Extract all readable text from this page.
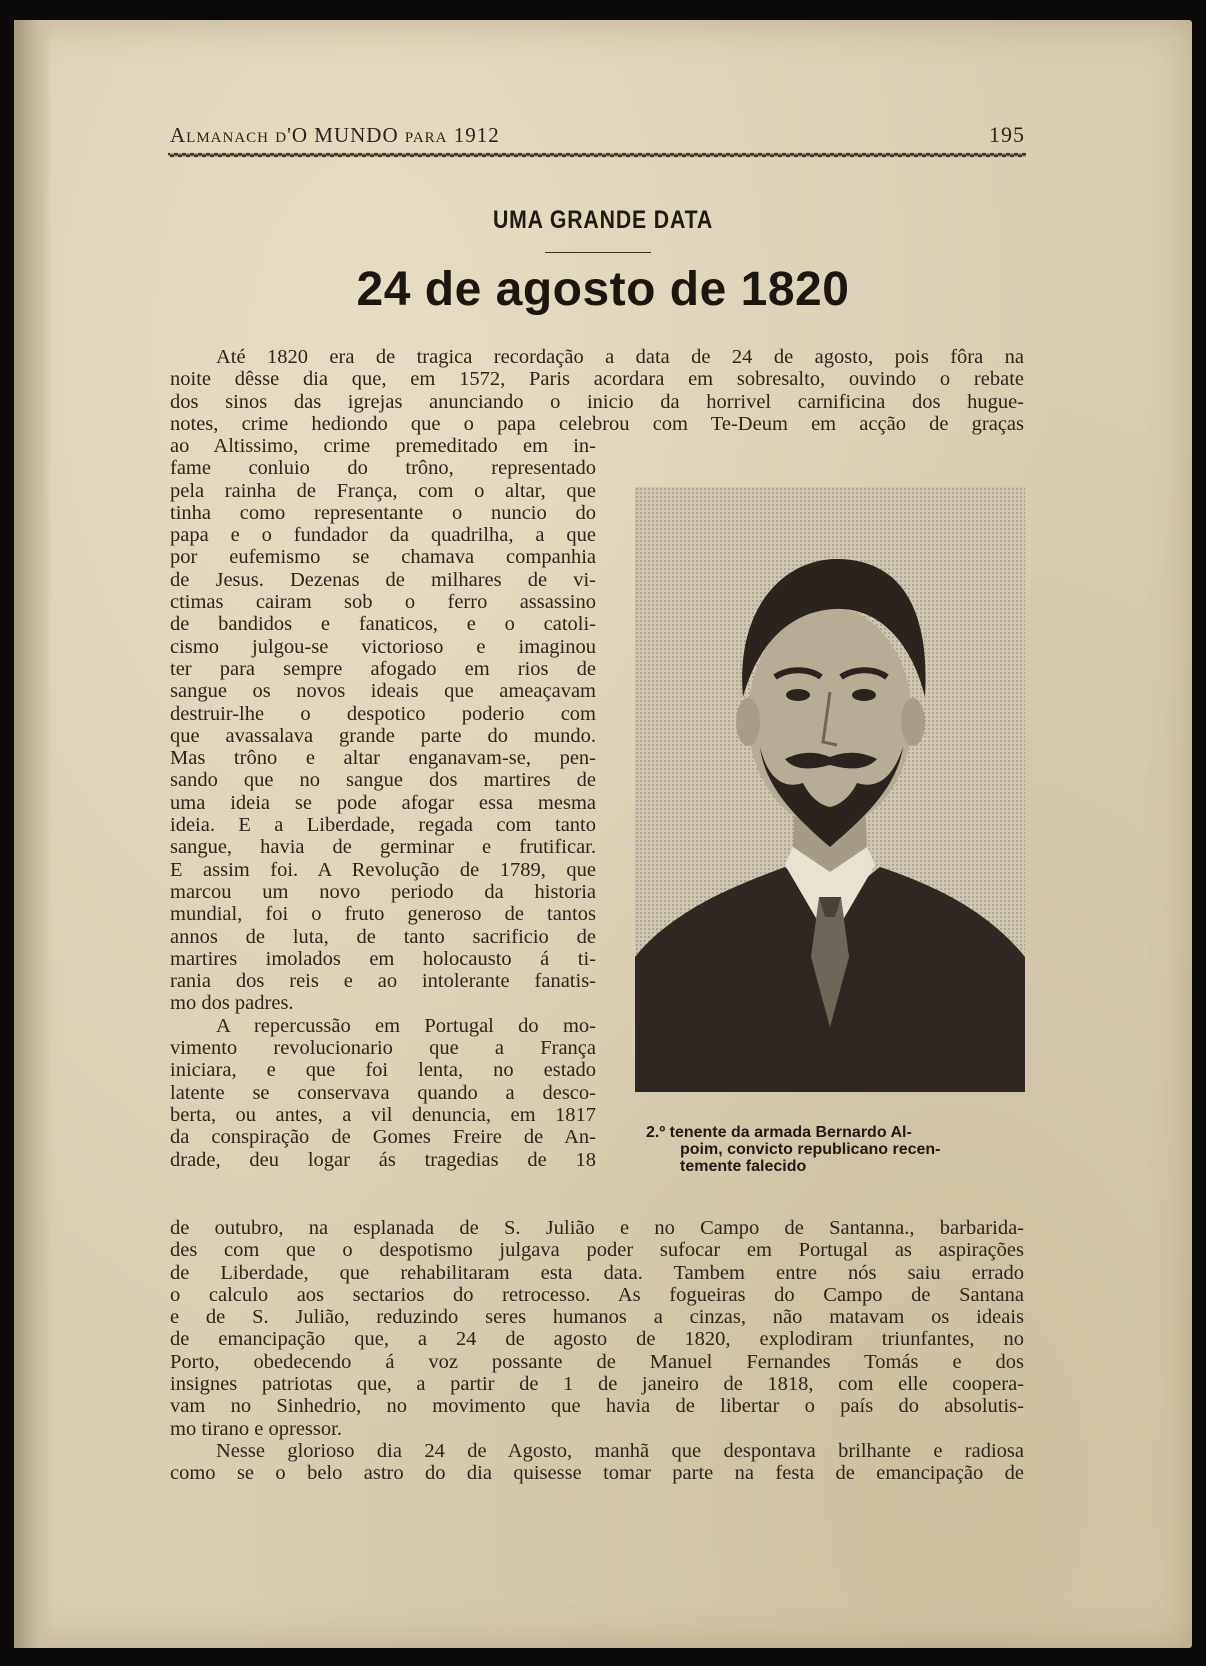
Almanach d'O MUNDO para 1912	195
UMA GRANDE DATA
24 de agosto de 1820
Até 1820 era de tragica recordação a data de 24 de agosto, pois fôra na
noite dêsse dia que, em 1572, Paris acordara em sobresalto, ouvindo o rebate
dos sinos das igrejas anunciando o inicio da horrivel carnificina dos hugue-
notes, crime hediondo que o papa celebrou com Te-Deum em acção de graças
ao Altissimo, crime premeditado em in-
fame conluio do trôno, representado
pela rainha de França, com o altar, que
tinha como representante o nuncio do
papa e o fundador da quadrilha, a que
por eufemismo se chamava companhia
de Jesus. Dezenas de milhares de vi-
ctimas cairam sob o ferro assassino
de bandidos e fanaticos, e o catoli-
cismo julgou-se victorioso e imaginou
ter para sempre afogado em rios de
sangue os novos ideais que ameaçavam
destruir-lhe o despotico poderio com
que avassalava grande parte do mundo.
Mas trôno e altar enganavam-se, pen-
sando que no sangue dos martires de
uma ideia se pode afogar essa mesma
ideia. E a Liberdade, regada com tanto
sangue, havia de germinar e frutificar.
E assim foi. A Revolução de 1789, que
marcou um novo periodo da historia
mundial, foi o fruto generoso de tantos
annos de luta, de tanto sacrificio de
martires imolados em holocausto á ti-
rania dos reis e ao intolerante fanatis-
mo dos padres.
A repercussão em Portugal do mo-
vimento revolucionario que a França
iniciara, e que foi lenta, no estado
latente se conservava quando a desco-
berta, ou antes, a vil denuncia, em 1817
da conspiração de Gomes Freire de An-
drade, deu logar ás tragedias de 18
2.º tenente da armada Bernardo Al-
poim, convicto republicano recen-
temente falecido
de outubro, na esplanada de S. Julião e no Campo de Santanna., barbarida-
des com que o despotismo julgava poder sufocar em Portugal as aspirações
de Liberdade, que rehabilitaram esta data. Tambem entre nós saiu errado
o calculo aos sectarios do retrocesso. As fogueiras do Campo de Santana
e de S. Julião, reduzindo seres humanos a cinzas, não matavam os ideais
de emancipação que, a 24 de agosto de 1820, explodiram triunfantes, no
Porto, obedecendo á voz possante de Manuel Fernandes Tomás e dos
insignes patriotas que, a partir de 1 de janeiro de 1818, com elle coopera-
vam no Sinhedrio, no movimento que havia de libertar o país do absolutis-
mo tirano e opressor.
Nesse glorioso dia 24 de Agosto, manhã que despontava brilhante e radiosa
como se o belo astro do dia quisesse tomar parte na festa de emancipação de
